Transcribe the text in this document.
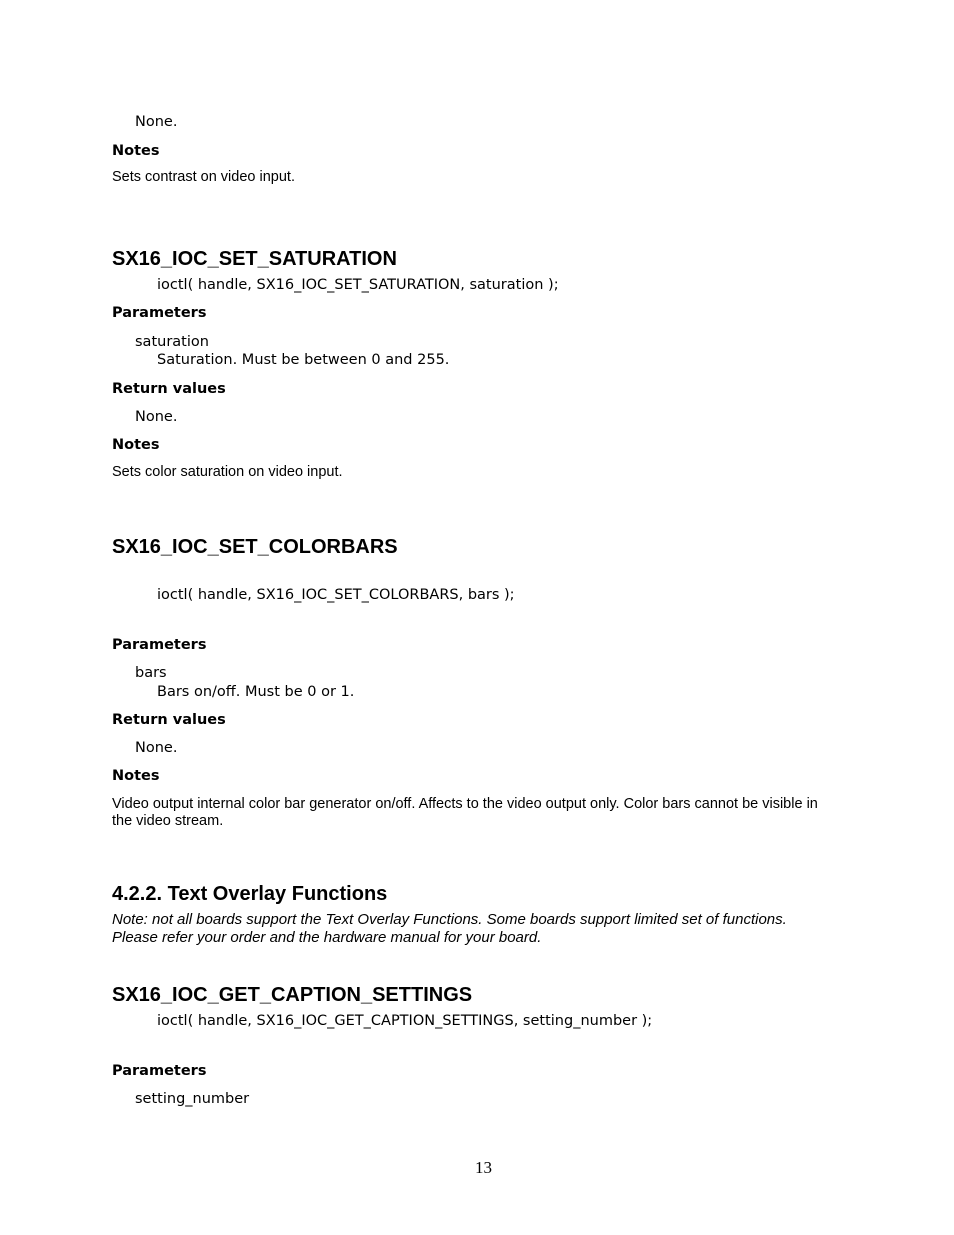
None.
Notes
Sets contrast on video input.
SX16_IOC_SET_SATURATION
ioctl( handle, SX16_IOC_SET_SATURATION, saturation );
Parameters
saturation
Saturation. Must be between 0 and 255.
Return values
None.
Notes
Sets color saturation on video input.
SX16_IOC_SET_COLORBARS
ioctl( handle, SX16_IOC_SET_COLORBARS, bars );
Parameters
bars
Bars on/off. Must be 0 or 1.
Return values
None.
Notes
Video output internal color bar generator on/off. Affects to the video output only. Color bars cannot be visible in
the video stream.
4.2.2. Text Overlay Functions
Note: not all boards support the Text Overlay Functions. Some boards support limited set of functions.
Please refer your order and the hardware manual for your board.
SX16_IOC_GET_CAPTION_SETTINGS
ioctl( handle, SX16_IOC_GET_CAPTION_SETTINGS, setting_number );
Parameters
setting_number
13
